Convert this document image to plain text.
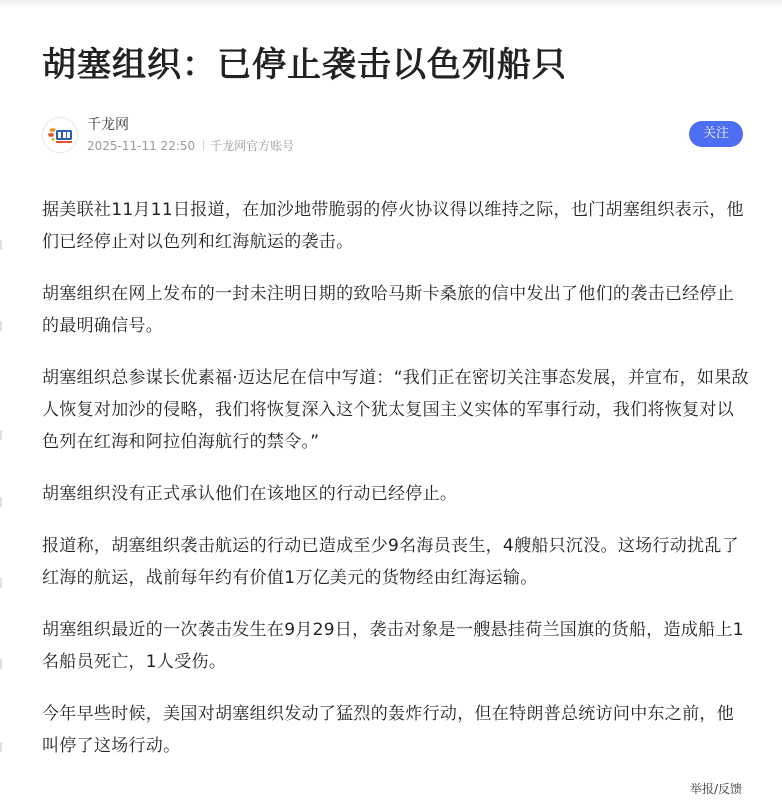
胡塞组织：已停止袭击以色列船只
千龙网
2025-11-11 22:50 千龙网官方账号
关注

据美联社11月11日报道，在加沙地带脆弱的停火协议得以维持之际，也门胡塞组织表示，他们已经停止对以色列和红海航运的袭击。

胡塞组织在网上发布的一封未注明日期的致哈马斯卡桑旅的信中发出了他们的袭击已经停止的最明确信号。

胡塞组织总参谋长优素福·迈达尼在信中写道：“我们正在密切关注事态发展，并宣布，如果敌人恢复对加沙的侵略，我们将恢复深入这个犹太复国主义实体的军事行动，我们将恢复对以色列在红海和阿拉伯海航行的禁令。”

胡塞组织没有正式承认他们在该地区的行动已经停止。

报道称，胡塞组织袭击航运的行动已造成至少9名海员丧生，4艘船只沉没。这场行动扰乱了红海的航运，战前每年约有价值1万亿美元的货物经由红海运输。

胡塞组织最近的一次袭击发生在9月29日，袭击对象是一艘悬挂荷兰国旗的货船，造成船上1名船员死亡，1人受伤。

今年早些时候，美国对胡塞组织发动了猛烈的轰炸行动，但在特朗普总统访问中东之前，他叫停了这场行动。

举报/反馈
